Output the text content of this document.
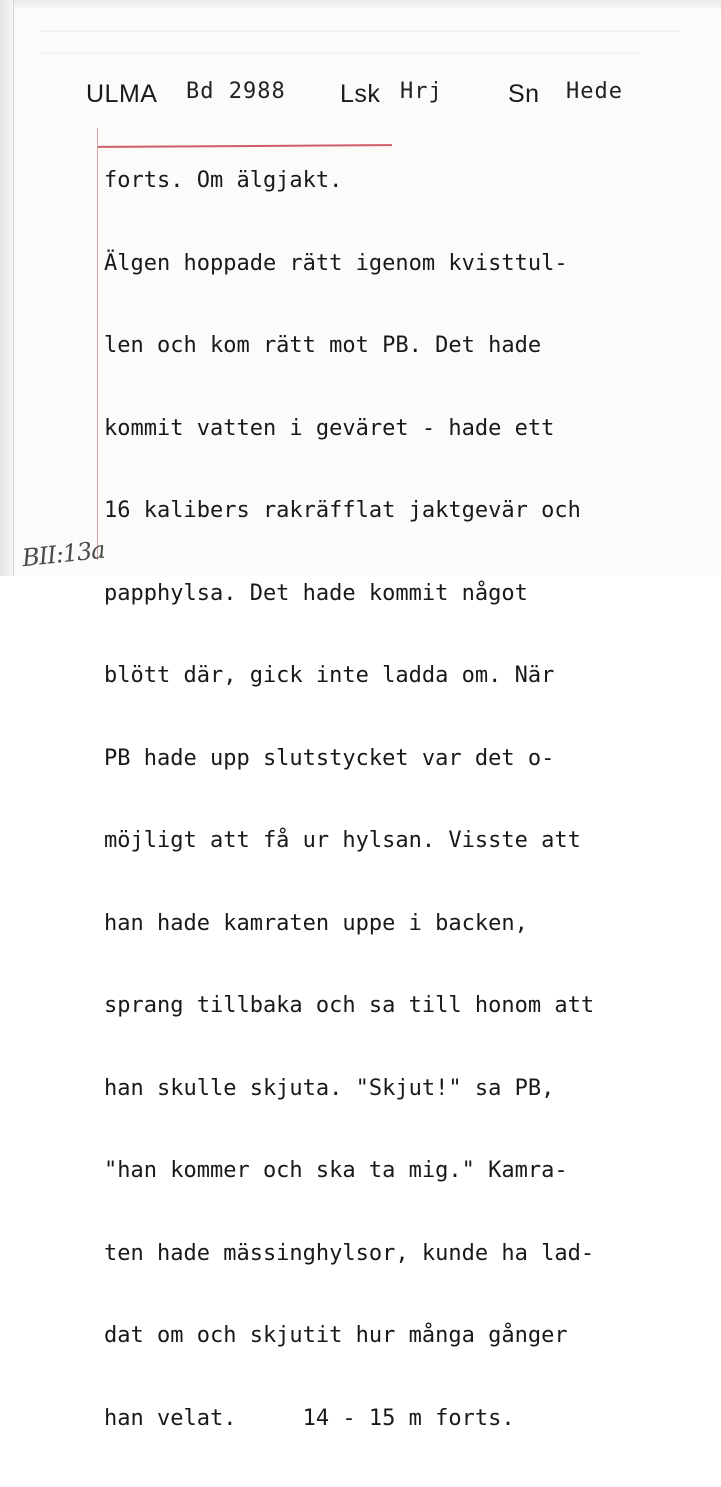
ULMA Bd 2988 Lsk Hrj	Sn Hede

forts. Om älgjakt.

Älgen hoppade rätt igenom kvisttul-

len och kom rätt mot PB. Det hade

kommit vatten i geväret - hade ett

16 kalibers rakräfflat jaktgevär och

papphylsa. Det hade kommit något

blött där, gick inte ladda om. När

PB hade upp slutstycket var det o-

möjligt att få ur hylsan. Visste att

han hade kamraten uppe i backen,

sprang tillbaka och sa till honom att

han skulle skjuta. "Skjut!" sa PB,

"han kommer och ska ta mig." Kamra-

ten hade mässinghylsor, kunde ha lad-

dat om och skjutit hur många gånger

han velat.     14 - 15 m forts.

BII:13a
